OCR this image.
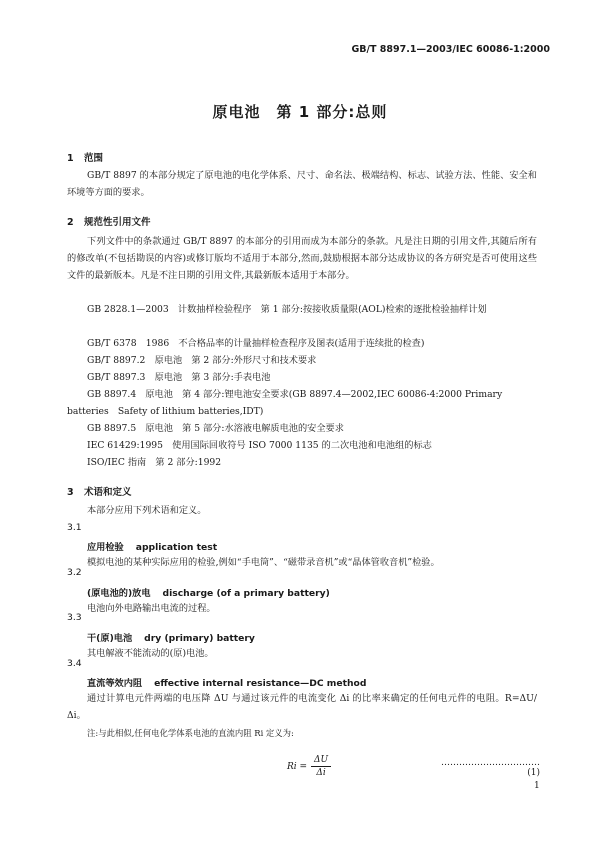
GB/T 8897.1—2003/IEC 60086-1:2000
原电池　第 1 部分:总则
1 范围
GB/T 8897 的本部分规定了原电池的电化学体系、尺寸、命名法、极端结构、标志、试验方法、性能、安全和环境等方面的要求。
2 规范性引用文件
下列文件中的条款通过 GB/T 8897 的本部分的引用而成为本部分的条款。凡是注日期的引用文件,其随后所有的修改单(不包括勘误的内容)或修订版均不适用于本部分,然而,鼓励根据本部分达成协议的各方研究是否可使用这些文件的最新版本。凡是不注日期的引用文件,其最新版本适用于本部分。
GB 2828.1—2003　计数抽样检验程序　第 1 部分:按接收质量限(AOL)检索的逐批检验抽样计划
GB/T 6378　1986　不合格品率的计量抽样检查程序及图表(适用于连续批的检查)
GB/T 8897.2　原电池　第 2 部分:外形尺寸和技术要求
GB/T 8897.3　原电池　第 3 部分:手表电池
GB 8897.4　原电池　第 4 部分:锂电池安全要求(GB 8897.4—2002,IEC 60086-4:2000 Primary batteries　Safety of lithium batteries,IDT)
GB 8897.5　原电池　第 5 部分:水溶液电解质电池的安全要求
IEC 61429:1995　使用国际回收符号 ISO 7000 1135 的二次电池和电池组的标志
ISO/IEC 指南　第 2 部分:1992
3 术语和定义
本部分应用下列术语和定义。
3.1
应用检验 application test
模拟电池的某种实际应用的检验,例如“手电筒”、“磁带录音机”或“晶体管收音机”检验。
3.2
(原电池的)放电 discharge (of a primary battery)
电池向外电路输出电流的过程。
3.3
干(原)电池 dry (primary) battery
其电解液不能流动的(原)电池。
3.4
直流等效内阻 effective internal resistance—DC method
通过计算电元件两端的电压降 ΔU 与通过该元件的电流变化 Δi 的比率来确定的任何电元件的电阻。R=ΔU/Δi。
注:与此相似,任何电化学体系电池的直流内阻 Ri 定义为:
$Ri = \frac{\Delta U}{\Delta i}$	……………………………(1)
1
